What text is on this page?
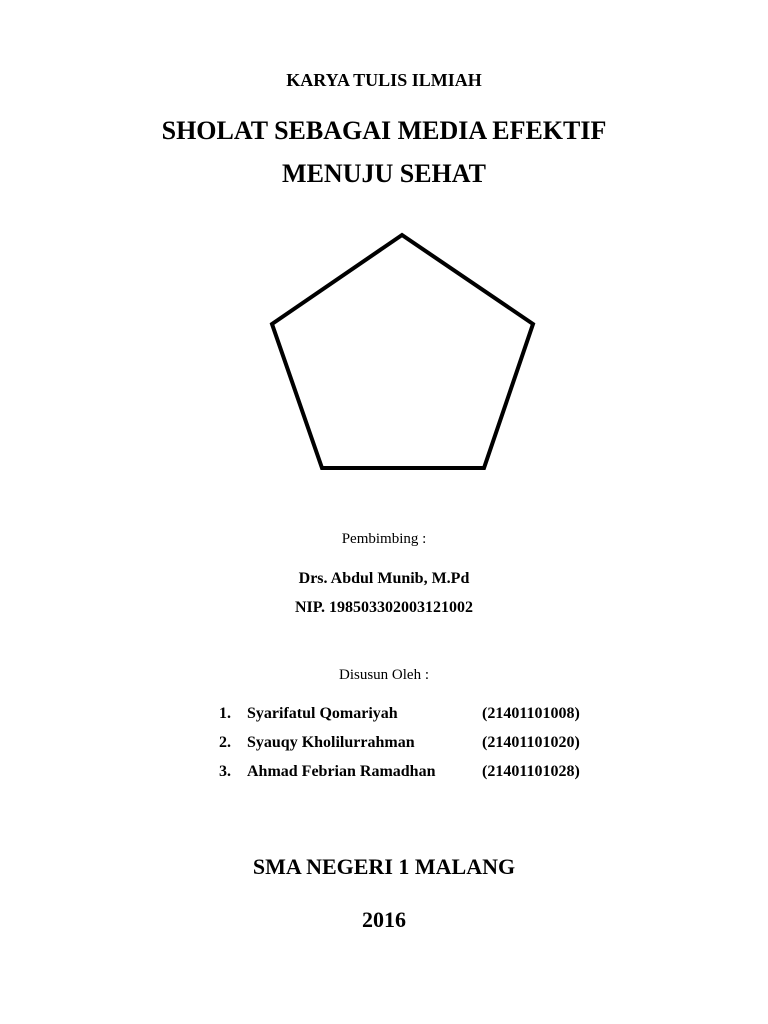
KARYA TULIS ILMIAH
SHOLAT SEBAGAI MEDIA EFEKTIF
MENUJU SEHAT
Pembimbing :
Drs. Abdul Munib, M.Pd
NIP. 198503302003121002
Disusun Oleh :
1.	Syarifatul Qomariyah	(21401101008)
2.	Syauqy Kholilurrahman	(21401101020)
3.	Ahmad Febrian Ramadhan	(21401101028)
SMA NEGERI 1 MALANG
2016
